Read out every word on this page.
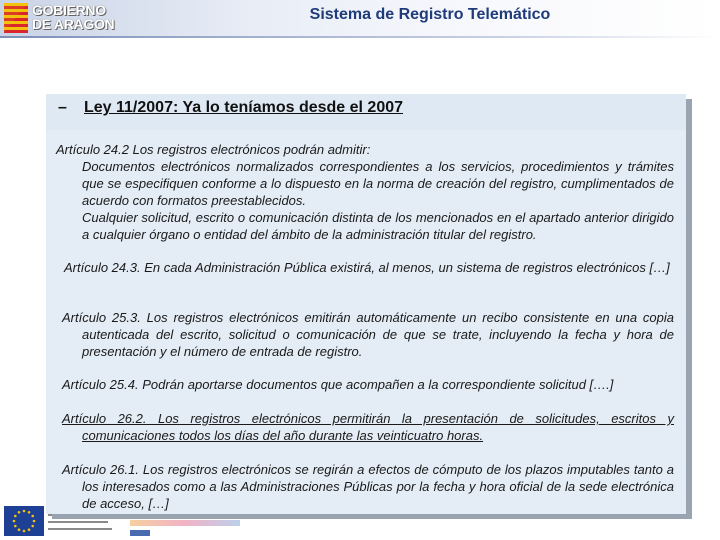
GOBIERNO
DE ARAGON
Sistema de Registro Telemático
– Ley 11/2007: Ya lo teníamos desde el 2007
Artículo 24.2 Los registros electrónicos podrán admitir:
Documentos electrónicos normalizados correspondientes a los servicios, procedimientos y trámites que se especifiquen conforme a lo dispuesto en la norma de creación del registro, cumplimentados de acuerdo con formatos preestablecidos.
Cualquier solicitud, escrito o comunicación distinta de los mencionados en el apartado anterior dirigido a cualquier órgano o entidad del ámbito de la administración titular del registro.
Artículo 24.3. En cada Administración Pública existirá, al menos, un sistema de registros electrónicos […]
Artículo 25.3. Los registros electrónicos emitirán automáticamente un recibo consistente en una copia autenticada del escrito, solicitud o comunicación de que se trate, incluyendo la fecha y hora de presentación y el número de entrada de registro.
Artículo 25.4. Podrán aportarse documentos que acompañen a la correspondiente solicitud [….]
Artículo 26.2. Los registros electrónicos permitirán la presentación de solicitudes, escritos y comunicaciones todos los días del año durante las veinticuatro horas.
Artículo 26.1. Los registros electrónicos se regirán a efectos de cómputo de los plazos imputables tanto a los interesados como a las Administraciones Públicas por la fecha y hora oficial de la sede electrónica de acceso, […]
